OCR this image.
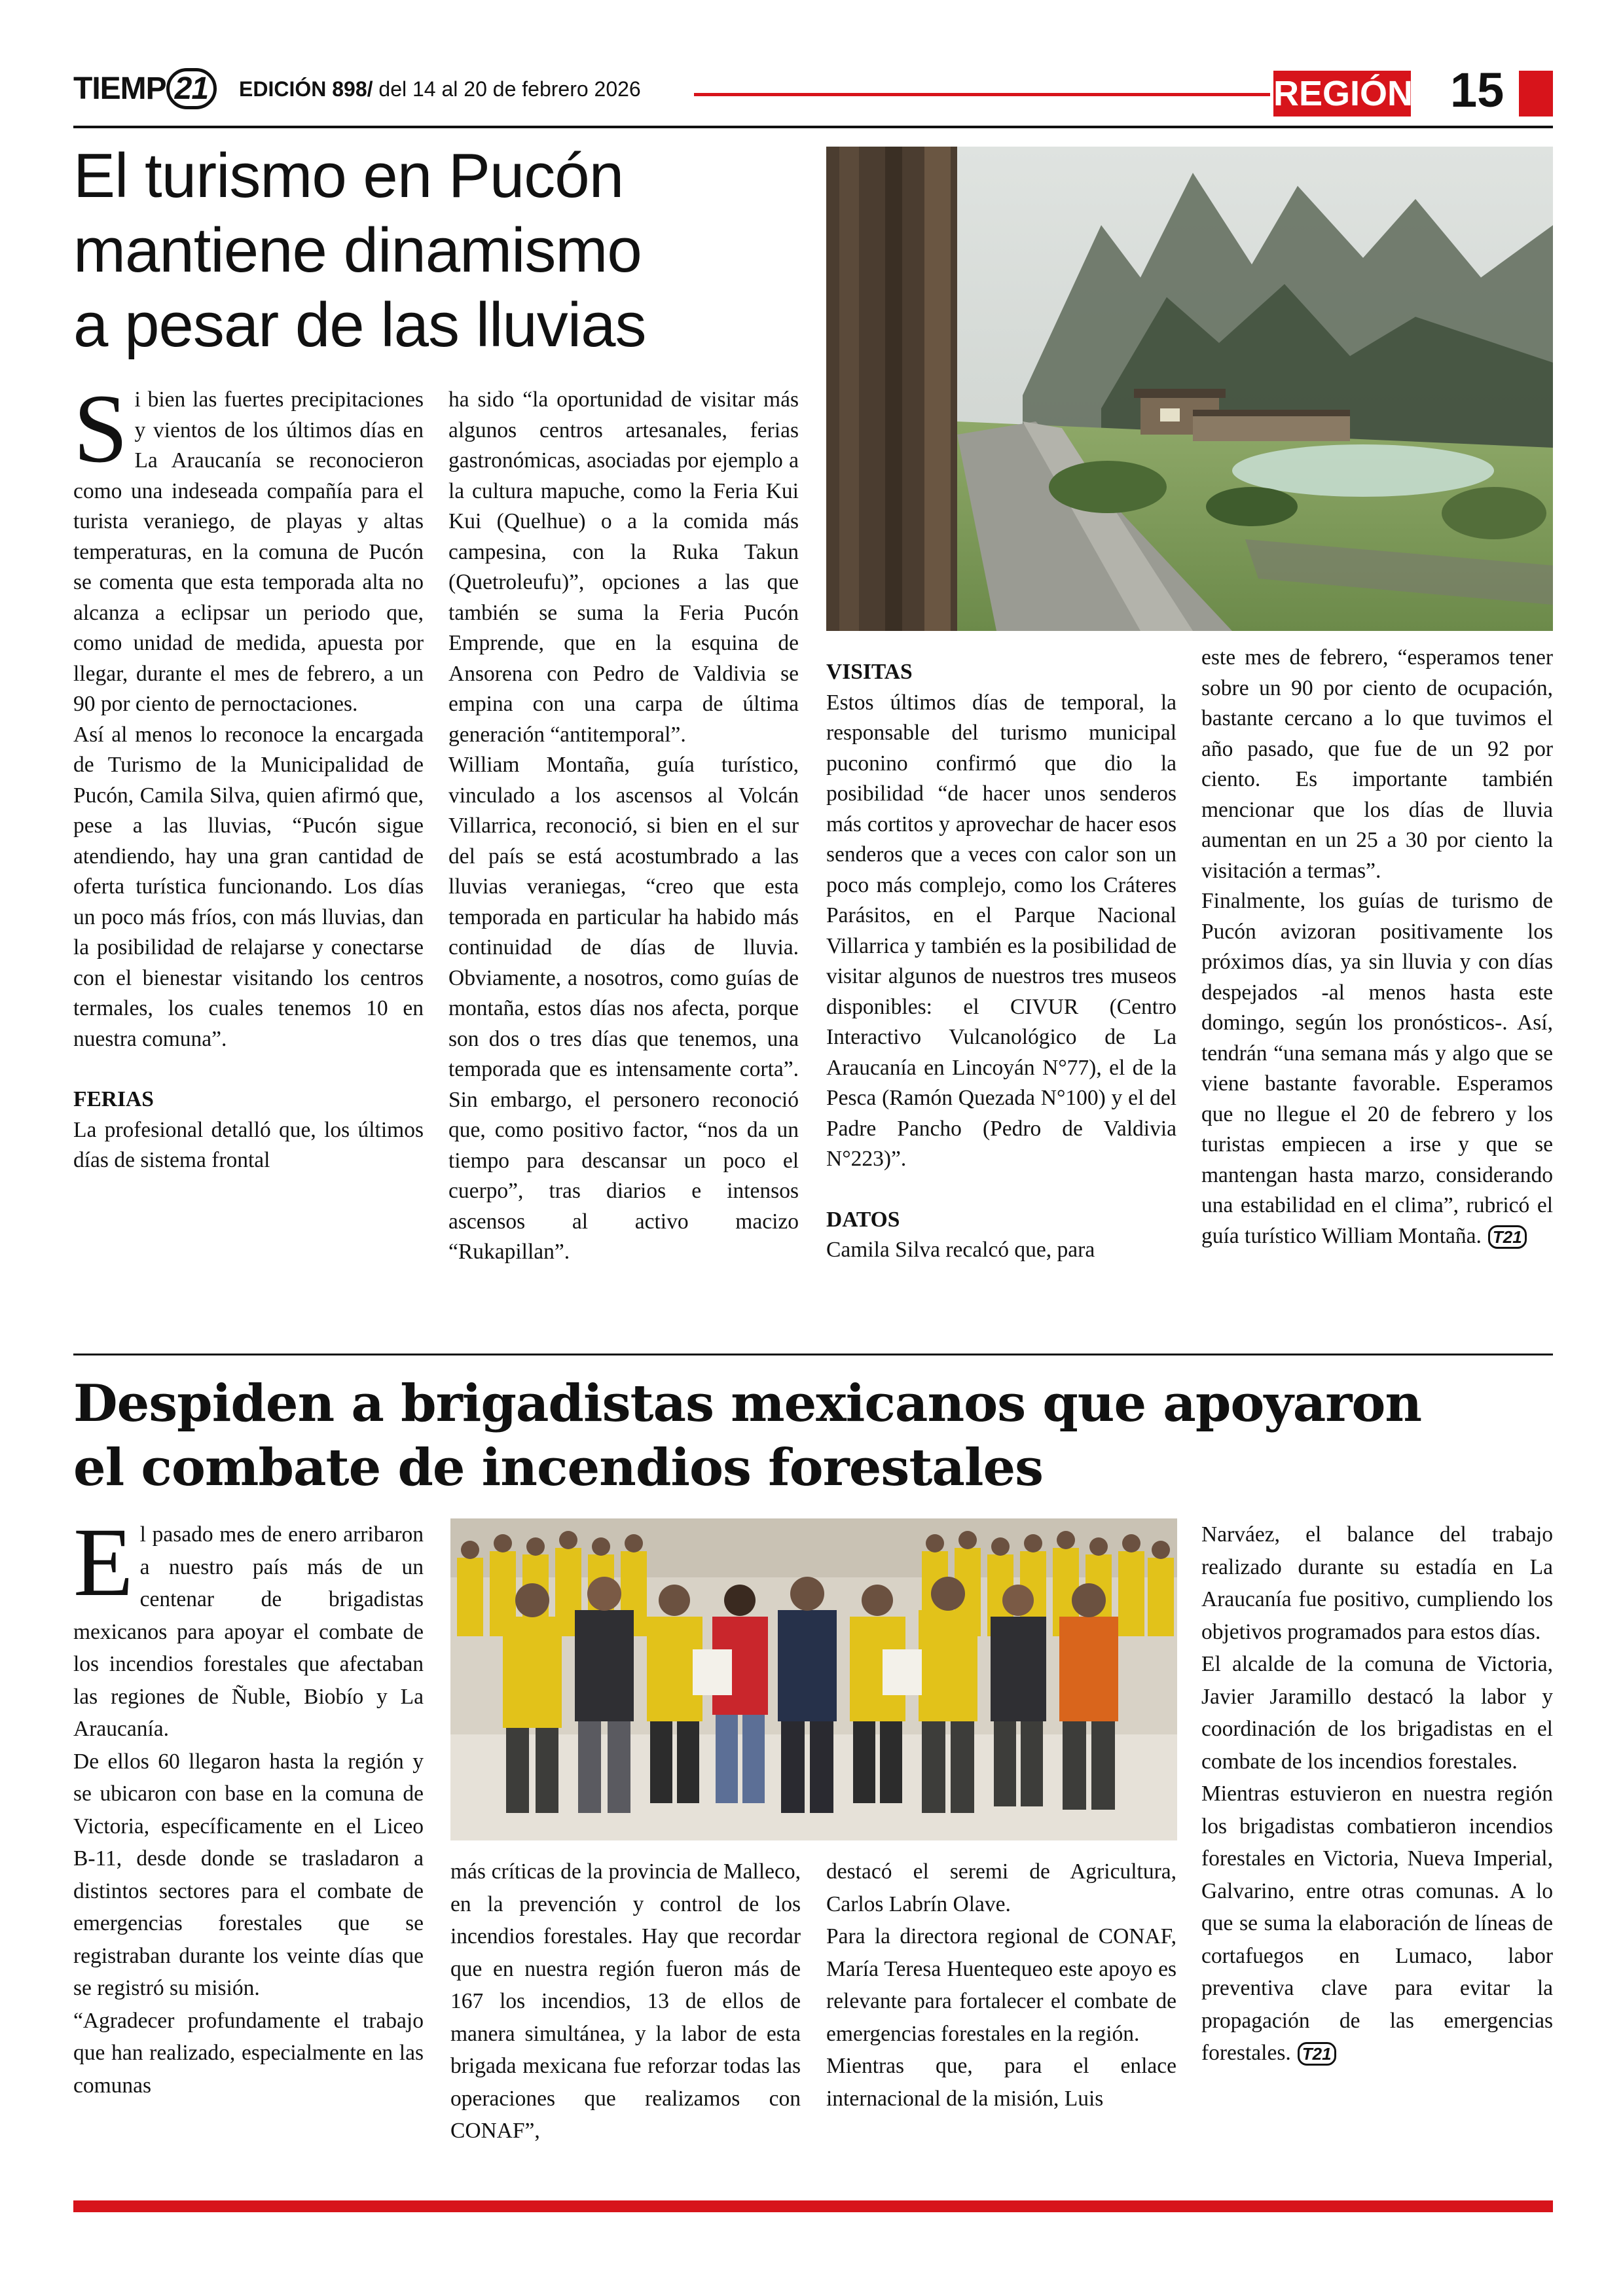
TIEMP 21	EDICIÓN 898/ del 14 al 20 de febrero 2026	REGIÓN 15
El turismo en Pucón
mantiene dinamismo
a pesar de las lluvias
S i bien las fuertes precipitaciones y vientos de los últimos días en La Araucanía se reconocieron como una indeseada compañía para el turista veraniego, de playas y altas temperaturas, en la comuna de Pucón se comenta que esta temporada alta no alcanza a eclipsar un periodo que, como unidad de medida, apuesta por llegar, durante el mes de febrero, a un 90 por ciento de pernoctaciones.

Así al menos lo reconoce la encargada de Turismo de la Municipalidad de Pucón, Camila Silva, quien afirmó que, pese a las lluvias, “Pucón sigue atendiendo, hay una gran cantidad de oferta turística funcionando. Los días un poco más fríos, con más lluvias, dan la posibilidad de relajarse y conectarse con el bienestar visitando los centros termales, los cuales tenemos 10 en nuestra comuna”.

FERIAS

La profesional detalló que, los últimos días de sistema frontal

ha sido “la oportunidad de visitar más algunos centros artesanales, ferias gastronómicas, asociadas por ejemplo a la cultura mapuche, como la Feria Kui Kui (Quelhue) o a la comida más campesina, con la Ruka Takun (Quetroleufu)”, opciones a las que también se suma la Feria Pucón Emprende, que en la esquina de Ansorena con Pedro de Valdivia se empina con una carpa de última generación “antitemporal”.

William Montaña, guía turístico, vinculado a los ascensos al Volcán Villarrica, reconoció, si bien en el sur del país se está acostumbrado a las lluvias veraniegas, “creo que esta temporada en particular ha habido más continuidad de días de lluvia. Obviamente, a nosotros, como guías de montaña, estos días nos afecta, porque son dos o tres días que tenemos, una temporada que es intensamente corta”. Sin embargo, el personero reconoció que, como positivo factor, “nos da un tiempo para descansar un poco el cuerpo”, tras diarios e intensos ascensos al activo macizo “Rukapillan”.

VISITAS

Estos últimos días de temporal, la responsable del turismo municipal puconino confirmó que dio la posibilidad “de hacer unos senderos más cortitos y aprovechar de hacer esos senderos que a veces con calor son un poco más complejo, como los Cráteres Parásitos, en el Parque Nacional Villarrica y también es la posibilidad de visitar algunos de nuestros tres museos disponibles: el CIVUR (Centro Interactivo Vulcanológico de La Araucanía en Lincoyán N°77), el de la Pesca (Ramón Quezada N°100) y el del Padre Pancho (Pedro de Valdivia N°223)”.

DATOS

Camila Silva recalcó que, para

este mes de febrero, “esperamos tener sobre un 90 por ciento de ocupación, bastante cercano a lo que tuvimos el año pasado, que fue de un 92 por ciento. Es importante también mencionar que los días de lluvia aumentan en un 25 a 30 por ciento la visitación a termas”.

Finalmente, los guías de turismo de Pucón avizoran positivamente los próximos días, ya sin lluvia y con días despejados -al menos hasta este domingo, según los pronósticos-. Así, tendrán “una semana más y algo que se viene bastante favorable. Esperamos que no llegue el 20 de febrero y los turistas empiecen a irse y que se mantengan hasta marzo, considerando una estabilidad en el clima”, rubricó el guía turístico William Montaña. T21

Despiden a brigadistas mexicanos que apoyaron
el combate de incendios forestales
E l pasado mes de enero arribaron a nuestro país más de un centenar de brigadistas mexicanos para apoyar el combate de los incendios forestales que afectaban las regiones de Ñuble, Biobío y La Araucanía.

De ellos 60 llegaron hasta la región y se ubicaron con base en la comuna de Victoria, específicamente en el Liceo B-11, desde donde se trasladaron a distintos sectores para el combate de emergencias forestales que se registraban durante los veinte días que se registró su misión.

“Agradecer profundamente el trabajo que han realizado, especialmente en las comunas

más críticas de la provincia de Malleco, en la prevención y control de los incendios forestales. Hay que recordar que en nuestra región fueron más de 167 los incendios, 13 de ellos de manera simultánea, y la labor de esta brigada mexicana fue reforzar todas las operaciones que realizamos con CONAF”,

destacó el seremi de Agricultura, Carlos Labrín Olave.

Para la directora regional de CONAF, María Teresa Huentequeo este apoyo es relevante para fortalecer el combate de emergencias forestales en la región.

Mientras que, para el enlace internacional de la misión, Luis

Narváez, el balance del trabajo realizado durante su estadía en La Araucanía fue positivo, cumpliendo los objetivos programados para estos días.

El alcalde de la comuna de Victoria, Javier Jaramillo destacó la labor y coordinación de los brigadistas en el combate de los incendios forestales.

Mientras estuvieron en nuestra región los brigadistas combatieron incendios forestales en Victoria, Nueva Imperial, Galvarino, entre otras comunas. A lo que se suma la elaboración de líneas de cortafuegos en Lumaco, labor preventiva clave para evitar la propagación de las emergencias forestales. T21
